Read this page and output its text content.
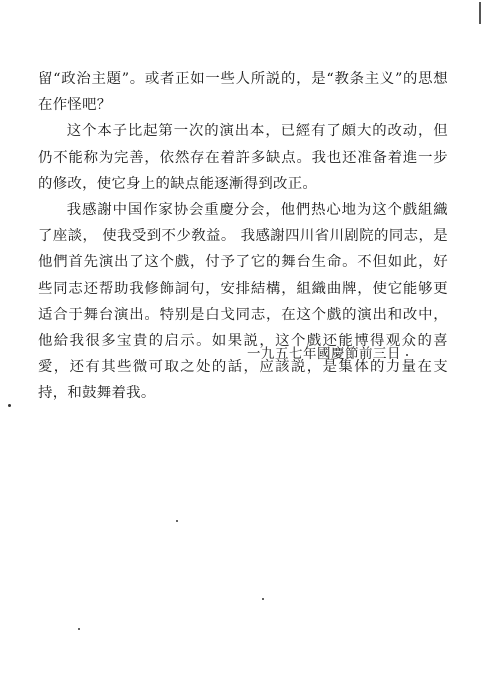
留“政治主題”。或者正如一些人所説的，是“教条主义”的思想在作怪吧？

这个本子比起第一次的演出本，已經有了頗大的改动，但仍不能称为完善，依然存在着許多缺点。我也还准备着進一步的修改，使它身上的缺点能逐漸得到改正。

我感謝中国作家协会重慶分会，他們热心地为这个戲組織了座談， 使我受到不少敎益。 我感謝四川省川剧院的同志，是他們首先演出了这个戲，付予了它的舞台生命。不但如此，好些同志还帮助我修飾詞句，安排結構，組織曲牌，使它能够更适合于舞台演出。特别是白戈同志，在这个戲的演出和改中，他給我很多宝貴的启示。如果説，这个戲还能博得观众的喜愛，还有其些微可取之处的話，应該説，是集体的力量在支持，和鼓舞着我。

一九五七年國慶節前三日
